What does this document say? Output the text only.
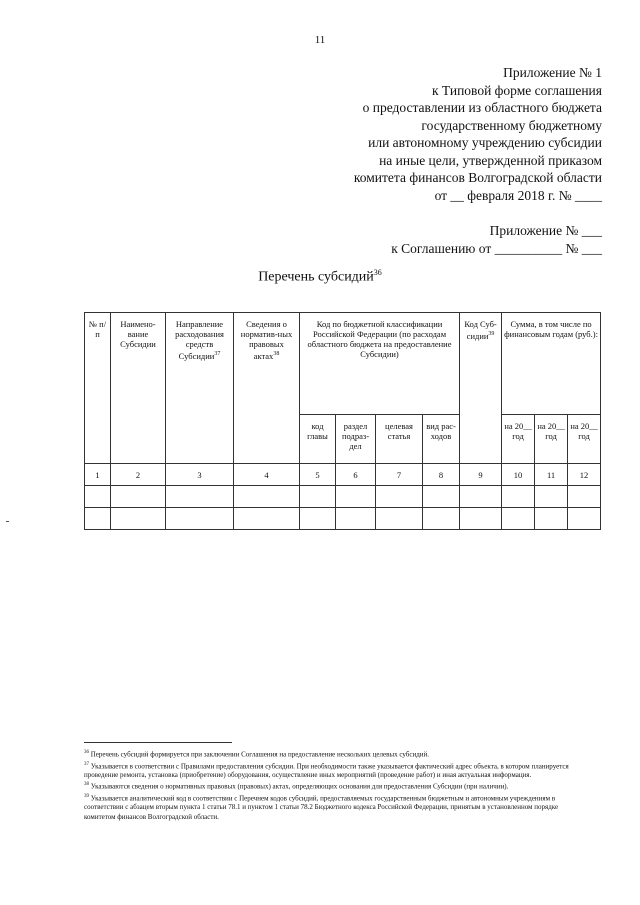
11
Приложение № 1
к Типовой форме соглашения
о предоставлении из областного бюджета
государственному бюджетному
или автономному учреждению субсидии
на иные цели, утвержденной приказом
комитета финансов Волгоградской области
от __ февраля 2018 г. № ____
Приложение № ___
к Соглашению от __________ № ___
Перечень субсидий$^{36}$
№ п/п	Наимено-вание Субсидии	Направление расходования средств Субсидии$^{37}$	Сведения о норматив-ных правовых актах$^{38}$	Код по бюджетной классификации Российской Федерации (по расходам областного бюджета на предоставление Субсидии)				Код Суб-сидии$^{39}$	Сумма, в том числе по финансовым годам (руб.):		
				код главы	раздел подраз-дел	целевая статья	вид рас-ходов		на 20__ год	на 20__ год	на 20__ год
1	2	3	4	5	6	7	8	9	10	11	12

$^{36}$ Перечень субсидий формируется при заключении Соглашения на предоставление нескольких целевых субсидий.

$^{37}$ Указывается в соответствии с Правилами предоставления субсидии. При необходимости также указывается фактический адрес объекта, в котором планируется проведение ремонта, установка (приобретение) оборудования, осуществление иных мероприятий (проведение работ) и иная актуальная информация.

$^{38}$ Указываются сведения о нормативных правовых (правовых) актах, определяющих основания для предоставления Субсидии (при наличии).

$^{39}$ Указывается аналитический код в соответствии с Перечнем кодов субсидий, предоставляемых государственным бюджетным и автономным учреждениям в соответствии с абзацем вторым пункта 1 статьи 78.1 и пунктом 1 статьи 78.2 Бюджетного кодекса Российской Федерации, принятым в установленном порядке комитетом финансов Волгоградской области.
